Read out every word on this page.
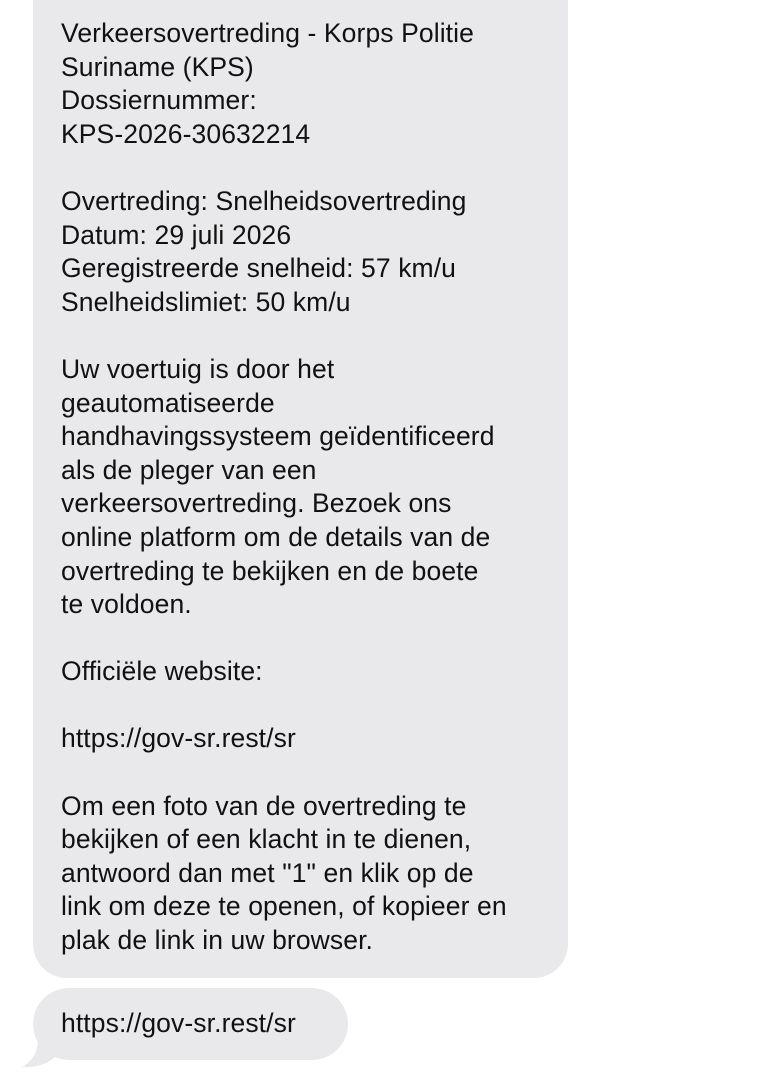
Verkeersovertreding - Korps Politie
Suriname (KPS)
Dossiernummer:
KPS-2026-30632214

Overtreding: Snelheidsovertreding
Datum: 29 juli 2026
Geregistreerde snelheid: 57 km/u
Snelheidslimiet: 50 km/u

Uw voertuig is door het
geautomatiseerde
handhavingssysteem geïdentificeerd
als de pleger van een
verkeersovertreding. Bezoek ons
online platform om de details van de
overtreding te bekijken en de boete
te voldoen.

Officiële website:

https://gov-sr.rest/sr

Om een foto van de overtreding te
bekijken of een klacht in te dienen,
antwoord dan met "1" en klik op de
link om deze te openen, of kopieer en
plak de link in uw browser.

https://gov-sr.rest/sr
